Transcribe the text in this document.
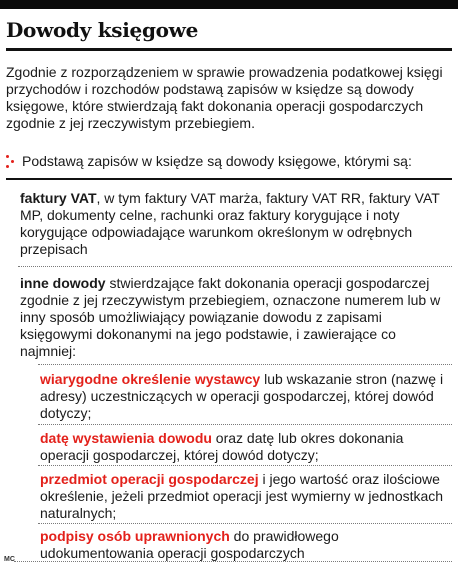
Dowody księgowe
Zgodnie z rozporządzeniem w sprawie prowadzenia podatkowej księgi przychodów i rozchodów podstawą zapisów w księdze są dowody księgowe, które stwierdzają fakt dokonania operacji gospodarczych zgodnie z jej rzeczywistym przebiegiem.
Podstawą zapisów w księdze są dowody księgowe, którymi są:
faktury VAT, w tym faktury VAT marża, faktury VAT RR, faktury VAT MP, dokumenty celne, rachunki oraz faktury korygujące i noty korygujące odpowiadające warunkom określonym w odrębnych przepisach
inne dowody stwierdzające fakt dokonania operacji gospodarczej zgodnie z jej rzeczywistym przebiegiem, oznaczone numerem lub w inny sposób umożliwiający powiązanie dowodu z zapisami księgowymi dokonanymi na jego podstawie, i zawierające co najmniej:
wiarygodne określenie wystawcy lub wskazanie stron (nazwę i adresy) uczestniczących w operacji gospodarczej, której dowód dotyczy;
datę wystawienia dowodu oraz datę lub okres dokonania operacji gospodarczej, której dowód dotyczy;
przedmiot operacji gospodarczej i jego wartość oraz ilościowe określenie, jeżeli przedmiot operacji jest wymierny w jednostkach naturalnych;
podpisy osób uprawnionych do prawidłowego udokumentowania operacji gospodarczych
MC
